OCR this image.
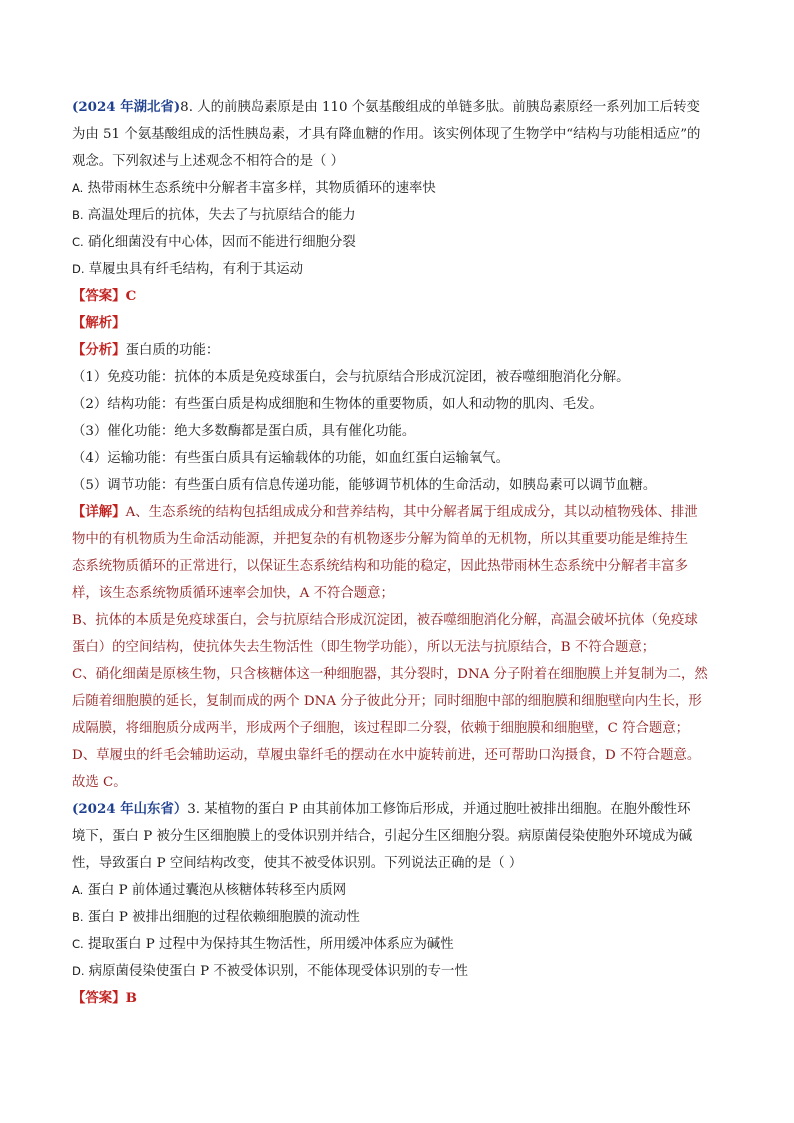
(2024 年湖北省)8. 人的前胰岛素原是由 110 个氨基酸组成的单链多肽。前胰岛素原经一系列加工后转变
为由 51 个氨基酸组成的活性胰岛素，才具有降血糖的作用。该实例体现了生物学中“结构与功能相适应”的
观念。下列叙述与上述观念不相符合的是（ ）
A. 热带雨林生态系统中分解者丰富多样，其物质循环的速率快
B. 高温处理后的抗体，失去了与抗原结合的能力
C. 硝化细菌没有中心体，因而不能进行细胞分裂
D. 草履虫具有纤毛结构，有利于其运动
【答案】C
【解析】
【分析】蛋白质的功能：
（1）免疫功能：抗体的本质是免疫球蛋白，会与抗原结合形成沉淀团，被吞噬细胞消化分解。
（2）结构功能：有些蛋白质是构成细胞和生物体的重要物质，如人和动物的肌肉、毛发。
（3）催化功能：绝大多数酶都是蛋白质，具有催化功能。
（4）运输功能：有些蛋白质具有运输载体的功能，如血红蛋白运输氧气。
（5）调节功能：有些蛋白质有信息传递功能，能够调节机体的生命活动，如胰岛素可以调节血糖。
【详解】A、生态系统的结构包括组成成分和营养结构，其中分解者属于组成成分，其以动植物残体、排泄
物中的有机物质为生命活动能源，并把复杂的有机物逐步分解为简单的无机物，所以其重要功能是维持生
态系统物质循环的正常进行，以保证生态系统结构和功能的稳定，因此热带雨林生态系统中分解者丰富多
样，该生态系统物质循环速率会加快，A 不符合题意；
B、抗体的本质是免疫球蛋白，会与抗原结合形成沉淀团，被吞噬细胞消化分解，高温会破坏抗体（免疫球
蛋白）的空间结构，使抗体失去生物活性（即生物学功能），所以无法与抗原结合，B 不符合题意；
C、硝化细菌是原核生物，只含核糖体这一种细胞器，其分裂时，DNA 分子附着在细胞膜上并复制为二，然
后随着细胞膜的延长，复制而成的两个 DNA 分子彼此分开；同时细胞中部的细胞膜和细胞壁向内生长，形
成隔膜，将细胞质分成两半，形成两个子细胞，该过程即二分裂，依赖于细胞膜和细胞壁，C 符合题意；
D、草履虫的纤毛会辅助运动，草履虫靠纤毛的摆动在水中旋转前进，还可帮助口沟摄食，D 不符合题意。
故选 C。
(2024 年山东省）3. 某植物的蛋白 P 由其前体加工修饰后形成，并通过胞吐被排出细胞。在胞外酸性环
境下，蛋白 P 被分生区细胞膜上的受体识别并结合，引起分生区细胞分裂。病原菌侵染使胞外环境成为碱
性，导致蛋白 P 空间结构改变，使其不被受体识别。下列说法正确的是（ ）
A. 蛋白 P 前体通过囊泡从核糖体转移至内质网
B. 蛋白 P 被排出细胞的过程依赖细胞膜的流动性
C. 提取蛋白 P 过程中为保持其生物活性，所用缓冲体系应为碱性
D. 病原菌侵染使蛋白 P 不被受体识别，不能体现受体识别的专一性
【答案】B
